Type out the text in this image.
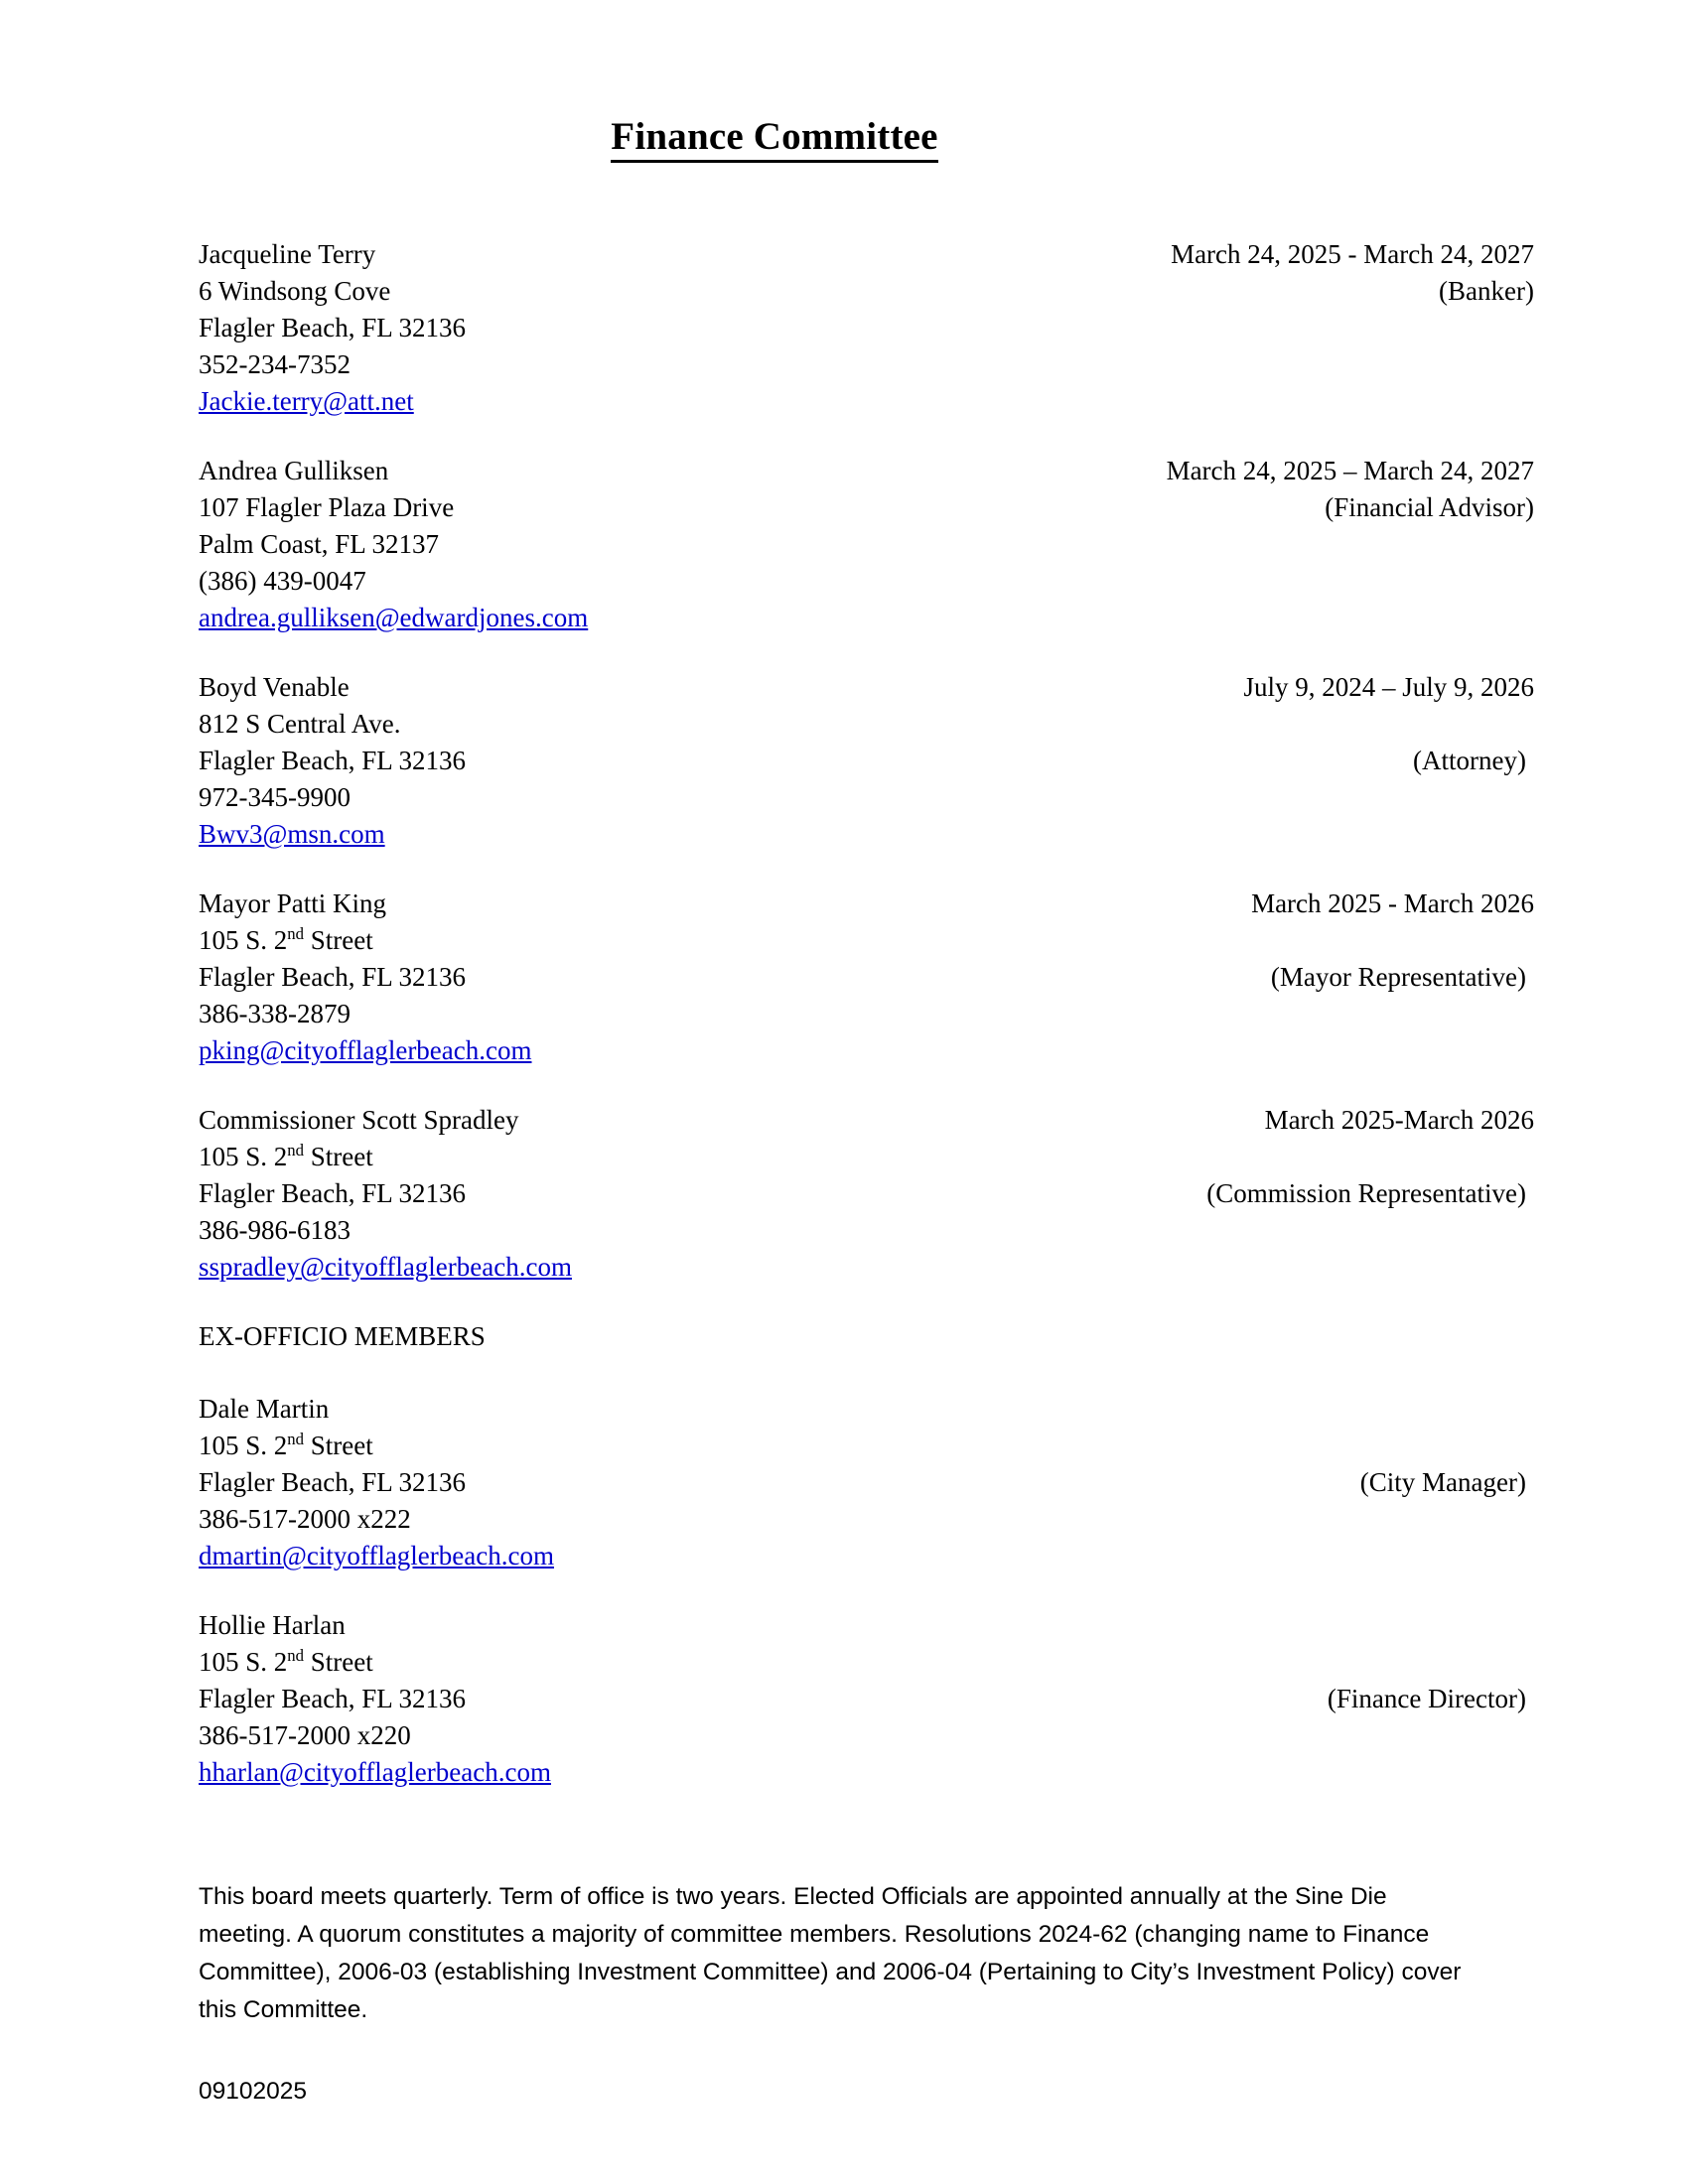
Finance Committee
Jacqueline Terry	March 24, 2025 - March 24, 2027
6 Windsong Cove	(Banker)
Flagler Beach, FL 32136
352-234-7352
Jackie.terry@att.net
Andrea Gulliksen	March 24, 2025 – March 24, 2027
107 Flagler Plaza Drive	(Financial Advisor)
Palm Coast, FL 32137
(386) 439-0047
andrea.gulliksen@edwardjones.com
Boyd Venable	July 9, 2024 – July 9, 2026
812 S Central Ave.
Flagler Beach, FL 32136	(Attorney)
972-345-9900
Bwv3@msn.com
Mayor Patti King	March 2025 - March 2026
105 S. 2nd Street
Flagler Beach, FL 32136	(Mayor Representative)
386-338-2879
pking@cityofflaglerbeach.com
Commissioner Scott Spradley	March 2025-March 2026
105 S. 2nd Street
Flagler Beach, FL 32136	(Commission Representative)
386-986-6183
sspradley@cityofflaglerbeach.com
EX-OFFICIO MEMBERS
Dale Martin
105 S. 2nd Street
Flagler Beach, FL 32136	(City Manager)
386-517-2000 x222
dmartin@cityofflaglerbeach.com
Hollie Harlan
105 S. 2nd Street
Flagler Beach, FL 32136	(Finance Director)
386-517-2000 x220
hharlan@cityofflaglerbeach.com
This board meets quarterly. Term of office is two years. Elected Officials are appointed annually at the Sine Die meeting. A quorum constitutes a majority of committee members. Resolutions 2024-62 (changing name to Finance Committee), 2006-03 (establishing Investment Committee) and 2006-04 (Pertaining to City’s Investment Policy) cover this Committee.
09102025
